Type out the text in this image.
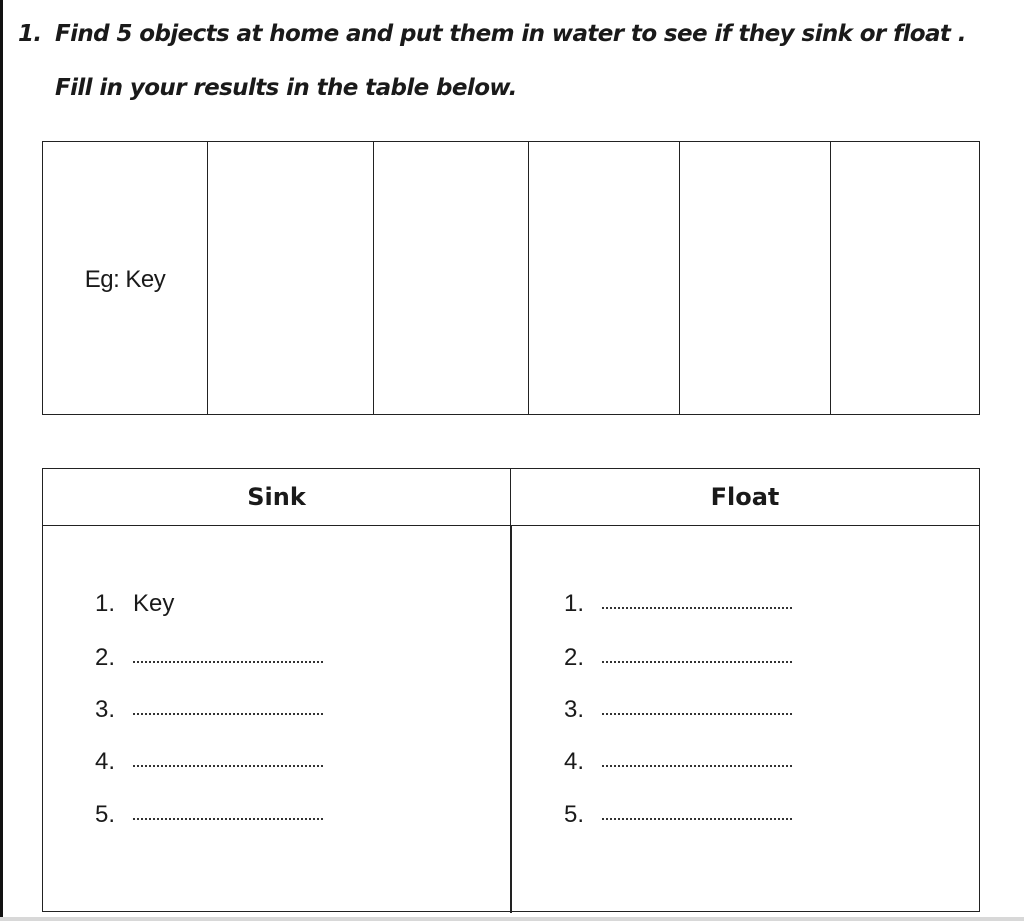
1. Find 5 objects at home and put them in water to see if they sink or float .
Fill in your results in the table below.
Eg: Key
Sink	Float
1. Key
2.
3.
4.
5.
1.
2.
3.
4.
5.
